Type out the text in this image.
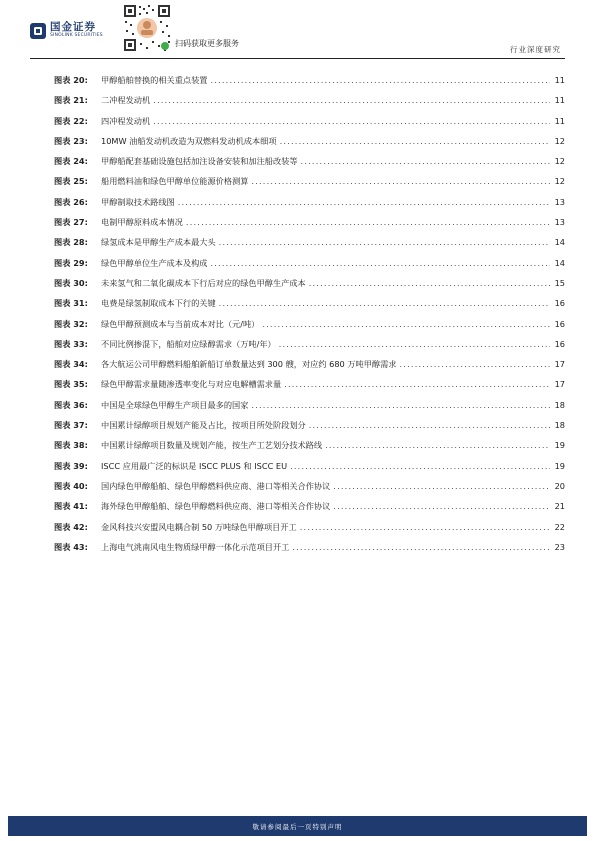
国金证券
SINOLINK SECURITIES
扫码获取更多服务
行业深度研究
图表 20:	甲醇船舶替换的相关重点装置 .....	11
图表 21:	二冲程发动机 .....	11
图表 22:	四冲程发动机 .....	11
图表 23:	10MW 油船发动机改造为双燃料发动机成本细项 .....	12
图表 24:	甲醇船配套基础设施包括加注设备安装和加注船改装等 .....	12
图表 25:	船用燃料油和绿色甲醇单位能源价格测算 .....	12
图表 26:	甲醇制取技术路线图 .....	13
图表 27:	电制甲醇原料成本情况 .....	13
图表 28:	绿氢成本是甲醇生产成本最大头 .....	14
图表 29:	绿色甲醇单位生产成本及构成 .....	14
图表 30:	未来氢气和二氧化碳成本下行后对应的绿色甲醇生产成本 .....	15
图表 31:	电费是绿氢制取成本下行的关键 .....	16
图表 32:	绿色甲醇预测成本与当前成本对比（元/吨） .....	16
图表 33:	不同比例掺混下，船舶对应绿醇需求（万吨/年） .....	16
图表 34:	各大航运公司甲醇燃料船舶新船订单数量达到 300 艘，对应约 680 万吨甲醇需求 .....	17
图表 35:	绿色甲醇需求量随渗透率变化与对应电解槽需求量 .....	17
图表 36:	中国是全球绿色甲醇生产项目最多的国家 .....	18
图表 37:	中国累计绿醇项目规划产能及占比，按项目所处阶段划分 .....	18
图表 38:	中国累计绿醇项目数量及规划产能，按生产工艺划分技术路线 .....	19
图表 39:	ISCC 应用最广泛的标识是 ISCC PLUS 和 ISCC EU .....	19
图表 40:	国内绿色甲醇船舶、绿色甲醇燃料供应商、港口等相关合作协议 .....	20
图表 41:	海外绿色甲醇船舶、绿色甲醇燃料供应商、港口等相关合作协议 .....	21
图表 42:	金风科技兴安盟风电耦合制 50 万吨绿色甲醇项目开工 .....	22
图表 43:	上海电气洮南风电生物质绿甲醇一体化示范项目开工 .....	23
敬请参阅最后一页特别声明
